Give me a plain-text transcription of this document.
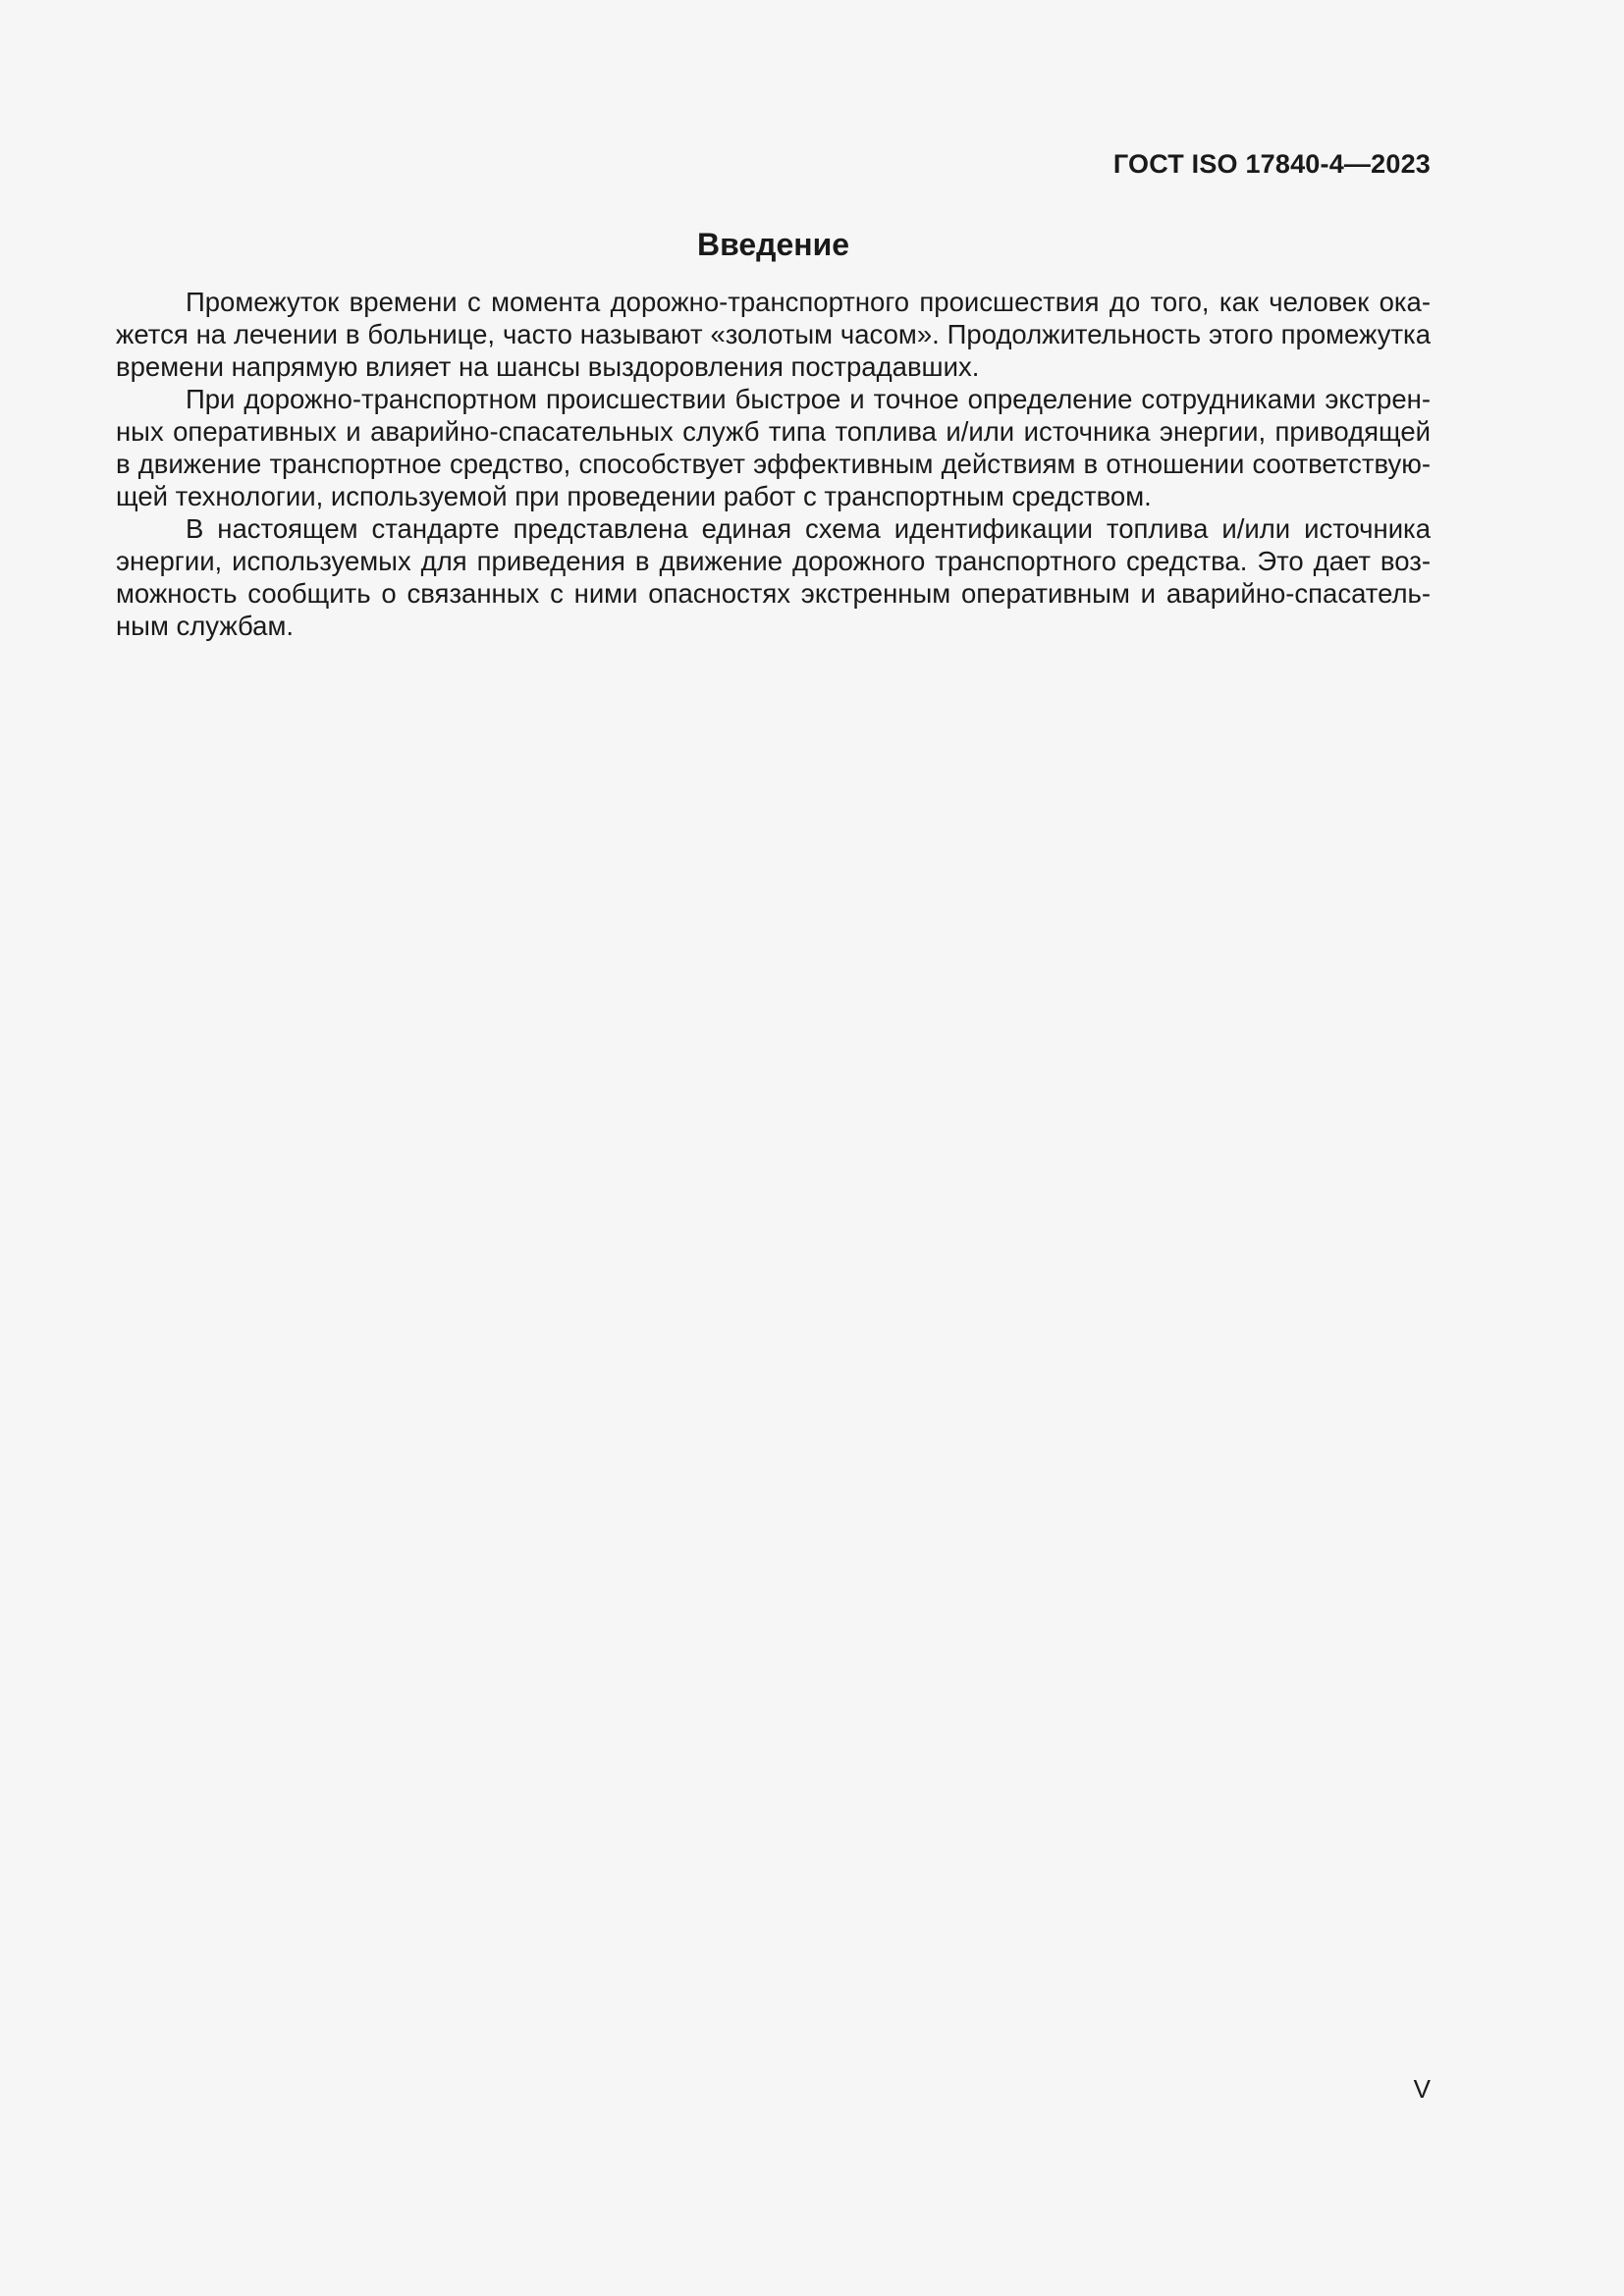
ГОСТ ISO 17840-4—2023
Введение

Промежуток времени с момента дорожно-транспортного происшествия до того, как человек окажется на лечении в больнице, часто называют «золотым часом». Продолжительность этого промежутка времени напрямую влияет на шансы выздоровления пострадавших.

При дорожно-транспортном происшествии быстрое и точное определение сотрудниками экстренных оперативных и аварийно-спасательных служб типа топлива и/или источника энергии, приводящей в движение транспортное средство, способствует эффективным действиям в отношении соответствующей технологии, используемой при проведении работ с транспортным средством.

В настоящем стандарте представлена единая схема идентификации топлива и/или источника энергии, используемых для приведения в движение дорожного транспортного средства. Это дает возможность сообщить о связанных с ними опасностях экстренным оперативным и аварийно-спасательным службам.

V
